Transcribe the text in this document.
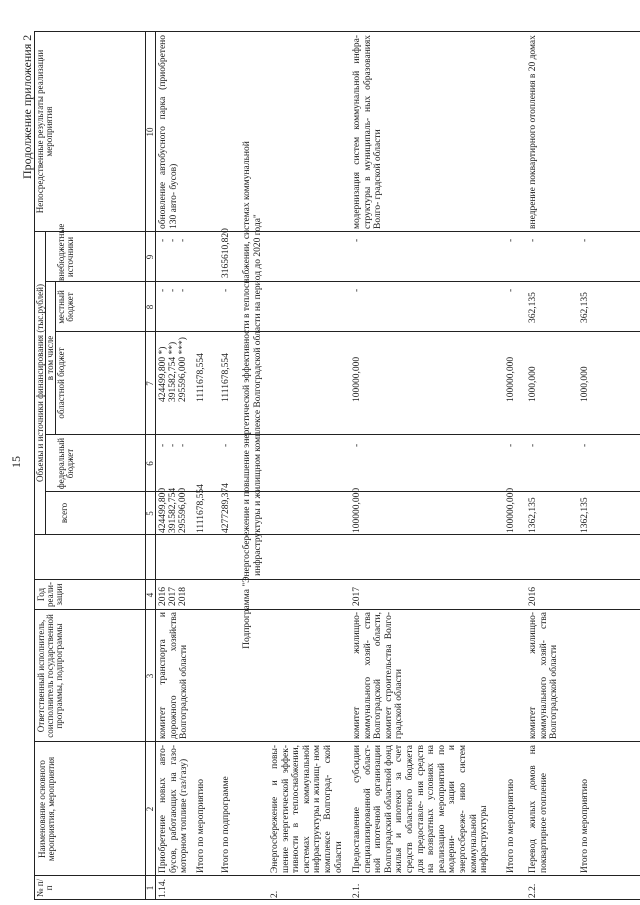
15
Продолжение приложения 2
№ п/п
Наименование основного мероприятия, мероприятия
Ответственный исполнитель, соисполнитель государственной программы, подпрограммы
Год реали- зации
Объемы и источники финансирования (тыс.рублей)
всего
в том числе
федеральный бюджет
областной бюджет
местный бюджет
внебюджетные источники
Непосредственные результаты реализации мероприятия
1
2
3
4
5
6
7
8
9
10
1.14.
Приобретение новых авто- бусов, работающих на газо- моторном топливе (газ/газу)
комитет транспорта и дорожного хозяйства Волгоградской области
2016 2017 2018
424499,800 391582,754 295596,000
- - -
424499,800 *) 391582,754 **) 295596,000 ***)
- - -
- - -
обновление автобусного парка (приобретено 130 авто- бусов)
Итого по мероприятию
1111678,554
1111678,554
Итого по подпрограмме
4277289,374
-
1111678,554
-
3165610,820 Подпрограмма "Энергосбережение и повышение энергетической эффективности в теплоснабжении, системах коммунальной инфраструктуры и жилищном комплексе Волгоградской области на период до 2020 года"
2.
Энергосбережение и повы- шение энергетической эффек- тивности в теплоснабжении, системах коммунальной инфраструктуры и жилищ- ном комплексе Волгоград- ской области
2.1.
Предоставление субсидии специализированной област- ной ипотечной организации Волгоградский областной фонд жилья и ипотеки за счет средств областного бюджета для предоставле- ния средств на возвратных условиях на реализацию мероприятий по модерни- зации и энергосбереже- нию систем коммунальной инфраструктуры
комитет жилищно- коммунального хозяй- ства Волгоградской области, комитет строительства Волго- градской области
2017
100000,000
-
100000,000
-
-
модернизация систем коммунальной инфра- структуры в муниципаль- ных образованиях Волго- градской области
Итого по мероприятию
100000,000
-
100000,000
-
-
2.2.
Перевод жилых домов на поквартирное отопление
комитет жилищно- коммунального хозяй- ства Волгоградской области
2016
1362,135
-
1000,000
362,135
-
внедрение поквартирного отопления в 20 домах
Итого по мероприятию
1362,135
-
1000,000
362,135
-
